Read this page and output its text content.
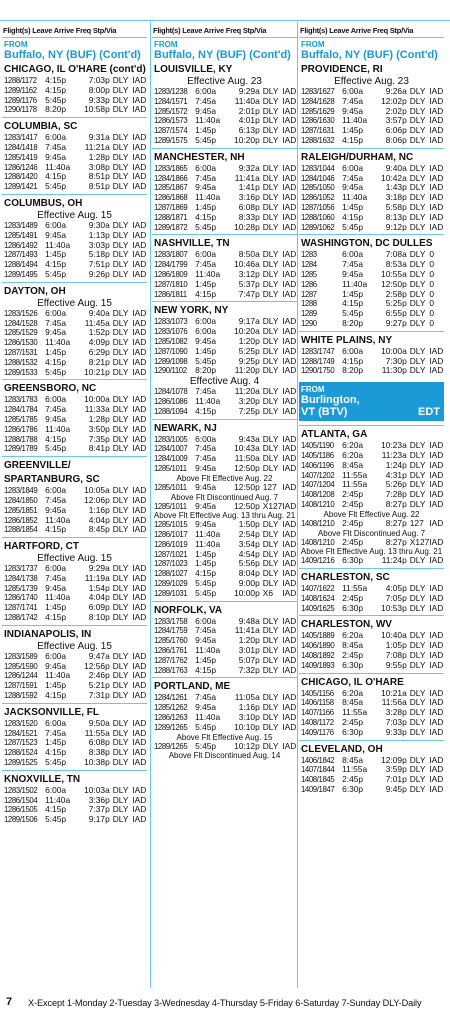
Flight(s) Leave Arrive Freq Stp/Via
FROM
Buffalo, NY (BUF) (Cont'd)
CHICAGO, IL O'HARE (cont'd)
1288/1172	4:15p	7:03p DLY IAD
1289/1162	4:15p	8:00p DLY IAD
1289/1176	5:45p	9:33p DLY IAD
1290/1178	8:20p	10:58p DLY IAD
COLUMBIA, SC
1283/1417 6:00a	9:31a DLY IAD
1284/1418 7:45a	11:21a DLY IAD
1285/1419 9:45a	1:28p DLY IAD
1286/1246 11:40a	3:08p DLY IAD
1288/1420 4:15p	8:51p DLY IAD
1289/1421 5:45p	8:51p DLY IAD
COLUMBUS, OH
Effective Aug. 15
1283/1489 6:00a	9:30a DLY IAD
1285/1491 9:45a	1:13p DLY IAD
1286/1492 11:40a	3:03p DLY IAD
1287/1493 1:45p	5:18p DLY IAD
1288/1494 4:15p	7:51p DLY IAD
1289/1495 5:45p	9:26p DLY IAD
DAYTON, OH
Effective Aug. 15
1283/1526 6:00a	9:40a DLY IAD
1284/1528 7:45a	11:45a DLY IAD
1285/1529 9:45a	1:52p DLY IAD
1286/1530 11:40a	4:09p DLY IAD
1287/1531 1:45p	6:29p DLY IAD
1288/1532 4:15p	8:21p DLY IAD
1289/1533 5:45p	10:21p DLY IAD
GREENSBORO, NC
1283/1783 6:00a	10:00a DLY IAD
1284/1784 7:45a	11:33a DLY IAD
1285/1785 9:45a	1:28p DLY IAD
1286/1786 11:40a	3:50p DLY IAD
1288/1788 4:15p	7:35p DLY IAD
1289/1789 5:45p	8:41p DLY IAD
GREENVILLE/
SPARTANBURG, SC
1283/1849 6:00a	10:05a DLY IAD
1284/1850 7:45a	12:06p DLY IAD
1285/1851 9:45a	1:16p DLY IAD
1286/1852 11:40a	4:04p DLY IAD
1288/1854 4:15p	8:45p DLY IAD
HARTFORD, CT
Effective Aug. 15
1283/1737 6:00a	9:29a DLY IAD
1284/1738 7:45a	11:19a DLY IAD
1285/1739 9:45a	1:54p DLY IAD
1286/1740 11:40a	4:04p DLY IAD
1287/1741 1:45p	6:09p DLY IAD
1288/1742 4:15p	8:10p DLY IAD
INDIANAPOLIS, IN
Effective Aug. 15
1283/1589 6:00a	9:47a DLY IAD
1285/1590 9:45a	12:56p DLY IAD
1286/1244 11:40a	2:46p DLY IAD
1287/1591 1:45p	5:21p DLY IAD
1288/1592 4:15p	7:31p DLY IAD
JACKSONVILLE, FL
1283/1520 6:00a	9:50a DLY IAD
1284/1521 7:45a	11:55a DLY IAD
1287/1523 1:45p	6:08p DLY IAD
1288/1524 4:15p	8:38p DLY IAD
1289/1525 5:45p	10:38p DLY IAD
KNOXVILLE, TN
1283/1502 6:00a	10:03a DLY IAD
1286/1504 11:40a	3:36p DLY IAD
1286/1505 4:15p	7:37p DLY IAD
1289/1506 5:45p	9:17p DLY IAD
Flight(s) Leave Arrive Freq Stp/Via
FROM
Buffalo, NY (BUF) (Cont'd)
LOUISVILLE, KY
Effective Aug. 23
1283/1238 6:00a	9:29a DLY IAD
1284/1571 7:45a	11:40a DLY IAD
1285/1572 9:45a	2:01p DLY IAD
1286/1573 11:40a	4:01p DLY IAD
1287/1574 1:45p	6:13p DLY IAD
1289/1575 5:45p	10:20p DLY IAD
MANCHESTER, NH
1283/1865 6:00a	9:32a DLY IAD
1284/1866 7:45a	11:41a DLY IAD
1285/1867 9:45a	1:41p DLY IAD
1286/1868 11:40a	3:16p DLY IAD
1287/1869 1:45p	6:08p DLY IAD
1288/1871 4:15p	8:33p DLY IAD
1289/1872 5:45p	10:28p DLY IAD
NASHVILLE, TN
1283/1807 6:00a	8:50a DLY IAD
1284/1799 7:45a	10:46a DLY IAD
1286/1809 11:40a	3:12p DLY IAD
1287/1810 1:45p	5:37p DLY IAD
1286/1811	4:15p	7:47p DLY IAD
NEW YORK, NY
1283/1073 6:00a	9:17a DLY IAD
1283/1076 6:00a	10:20a DLY IAD
1285/1082 9:45a	1:20p DLY IAD
1287/1090 1:45p	5:25p DLY IAD
1289/1098 5:45p	9:25p DLY IAD
1290/1102	8:20p	11:20p DLY IAD
Effective Aug. 4
1284/1078 7:45a	11:20a DLY IAD
1286/1086 11:40a	3:20p DLY IAD
1288/1094 4:15p	7:25p DLY IAD
NEWARK, NJ
1283/1005 6:00a	9:43a DLY IAD
1284/1007 7:45a	10:43a DLY IAD
1284/1009 7:45a	11:50a DLY IAD
1285/1011	9:45a	12:50p DLY IAD
Above Flt Effective Aug. 22
1285/1011	9:45a	12:50p 127 IAD
Above Flt Discontinued Aug. 7
1285/1011	9:45a	12:50p X127 IAD
Above Flt Effective Aug. 13 thru Aug. 21
1285/1015 9:45a	1:50p DLY IAD
1286/1017 11:40a	2:54p DLY IAD
1286/1019 11:40a	3:54p DLY IAD
1287/1021 1:45p	4:54p DLY IAD
1287/1023 1:45p	5:56p DLY IAD
1288/1027 4:15p	8:04p DLY IAD
1289/1029 5:45p	9:00p DLY IAD
1289/1031 5:45p	10:00p X6	IAD
NORFOLK, VA
1283/1758 6:00a	9:48a DLY IAD
1284/1759 7:45a	11:41a DLY IAD
1285/1760 9:45a	1:20p DLY IAD
1286/1761 11:40a	3:01p DLY IAD
1287/1762 1:45p	5:07p DLY IAD
1288/1763 4:15p	7:32p DLY IAD
PORTLAND, ME
1284/1261 7:45a	11:05a DLY IAD
1285/1262 9:45a	1:16p DLY IAD
1286/1263 11:40a	3:10p DLY IAD
1289/1265 5:45p	10:10p DLY IAD
Above Flt Effective Aug. 15
1289/1265 5:45p	10:12p DLY IAD
Above Flt Discontinued Aug. 14
Flight(s) Leave Arrive Freq Stp/Via
FROM
Buffalo, NY (BUF) (Cont'd)
PROVIDENCE, RI
Effective Aug. 23
1283/1627 6:00a	9:26a DLY IAD
1284/1628 7:45a	12:02p DLY IAD
1285/1629 9:45a	2:02p DLY IAD
1286/1630 11:40a	3:57p DLY IAD
1287/1631 1:45p	6:06p DLY IAD
1288/1632 4:15p	8:06p DLY IAD
RALEIGH/DURHAM, NC
1283/1044 6:00a	9:40a DLY IAD
1284/1046 7:45a	10:42a DLY IAD
1285/1050 9:45a	1:43p DLY IAD
1286/1052 11:40a	3:18p DLY IAD
1287/1056 1:45p	5:58p DLY IAD
1288/1060 4:15p	8:13p DLY IAD
1289/1062 5:45p	9:12p DLY IAD
WASHINGTON, DC DULLES
1283	6:00a	7:08a DLY 0
1284	7:45a	8:53a DLY 0
1285	9:45a	10:55a DLY 0
1286	11:40a	12:50p DLY 0
1287	1:45p	2:58p DLY 0
1288	4:15p	5:25p DLY 0
1289	5:45p	6:55p DLY 0
1290	8:20p	9:27p DLY 0
WHITE PLAINS, NY
1283/1747 6:00a	10:00a DLY IAD
1288/1749 4:15p	7:30p DLY IAD
1290/1750 8:20p	11:30p DLY IAD
FROM
Burlington,
VT (BTV)	EDT
ATLANTA, GA
1405/1190	6:20a	10:23a DLY IAD
1405/1186	6:20a	11:23a DLY IAD
1406/1196	8:45a	1:24p DLY IAD
1407/1202 11:55a	4:31p DLY IAD
1407/1204 11:55a	5:26p DLY IAD
1408/1208 2:45p	7:28p DLY IAD
1408/1210 2:45p	8:27p DLY IAD
Above Flt Effective Aug. 22
1408/1210 2:45p	8:27p 127 IAD
Above Flt Discontinued Aug. 7
1408/1210 2:45p	8:27p X127 IAD
Above Flt Effective Aug. 13 thru Aug. 21
1409/1216 6:30p	11:24p DLY IAD
CHARLESTON, SC
1407/1622 11:55a	4:05p DLY IAD
1408/1624 2:45p	7:05p DLY IAD
1409/1625 6:30p	10:53p DLY IAD
CHARLESTON, WV
1405/1889 6:20a	10:40a DLY IAD
1406/1890 8:45a	1:05p DLY IAD
1408/1892 2:45p	7:08p DLY IAD
1409/1893 6:30p	9:55p DLY IAD
CHICAGO, IL O'HARE
1405/1156	6:20a	10:21a DLY IAD
1406/1158	8:45a	11:56a DLY IAD
1407/1166	11:55a	3:28p DLY IAD
1408/1172	2:45p	7:03p DLY IAD
1409/1176	6:30p	9:33p DLY IAD
CLEVELAND, OH
1406/1842 8:45a	12:09p DLY IAD
1407/1844 11:55a	3:59p DLY IAD
1408/1845 2:45p	7:01p DLY IAD
1409/1847 6:30p	9:45p DLY IAD
7 X-Except 1-Monday 2-Tuesday 3-Wednesday 4-Thursday 5-Friday 6-Saturday 7-Sunday DLY-Daily
